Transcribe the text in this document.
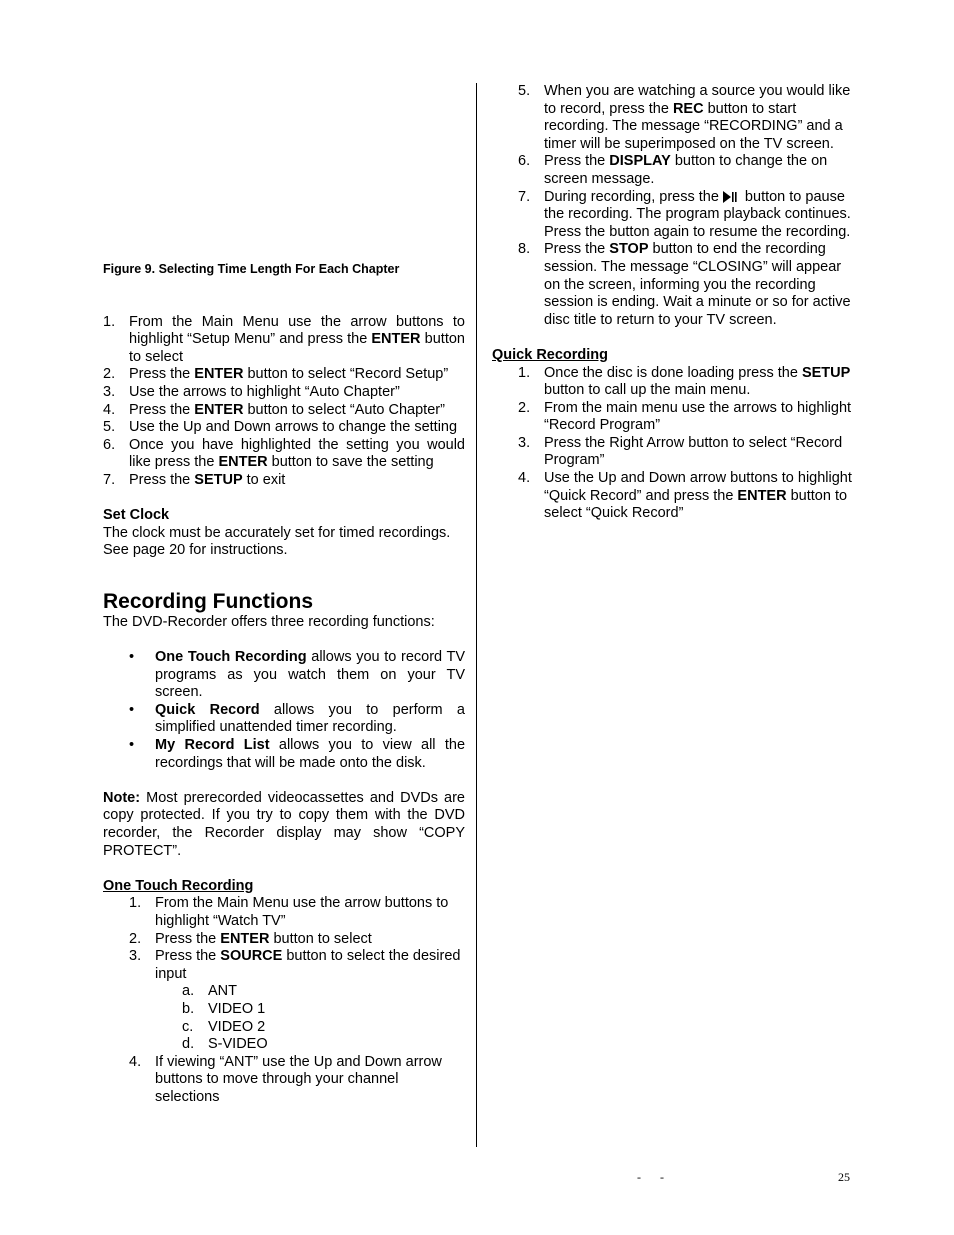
Figure 9. Selecting Time Length For Each Chapter

1. From the Main Menu use the arrow buttons to highlight “Setup Menu” and press the ENTER button to select
2. Press the ENTER button to select “Record Setup”
3. Use the arrows to highlight “Auto Chapter”
4. Press the ENTER button to select “Auto Chapter”
5. Use the Up and Down arrows to change the setting
6. Once you have highlighted the setting you would like press the ENTER button to save the setting
7. Press the SETUP to exit

Set Clock

The clock must be accurately set for timed recordings. See page 20 for instructions.

Recording Functions

The DVD-Recorder offers three recording functions:

• One Touch Recording allows you to record TV programs as you watch them on your TV screen.
• Quick Record allows you to perform a simplified unattended timer recording.
• My Record List allows you to view all the recordings that will be made onto the disk.

Note: Most prerecorded videocassettes and DVDs are copy protected. If you try to copy them with the DVD recorder, the Recorder display may show “COPY PROTECT”.

One Touch Recording

1. From the Main Menu use the arrow buttons to highlight “Watch TV”
2. Press the ENTER button to select
3. Press the SOURCE button to select the desired input
a. ANT
b. VIDEO 1
c. VIDEO 2
d. S-VIDEO
4. If viewing “ANT” use the Up and Down arrow buttons to move through your channel selections
5. When you are watching a source you would like to record, press the REC button to start recording. The message “RECORDING” and a timer will be superimposed on the TV screen.
6. Press the DISPLAY button to change the on screen message.
7. During recording, press the button to pause the recording. The program playback continues. Press the button again to resume the recording.
8. Press the STOP button to end the recording session. The message “CLOSING” will appear on the screen, informing you the recording session is ending. Wait a minute or so for active disc title to return to your TV screen.

Quick Recording

1. Once the disc is done loading press the SETUP button to call up the main menu.
2. From the main menu use the arrows to highlight “Record Program”
3. Press the Right Arrow button to select “Record Program”
4. Use the Up and Down arrow buttons to highlight “Quick Record” and press the ENTER button to select “Quick Record”
- -	25
